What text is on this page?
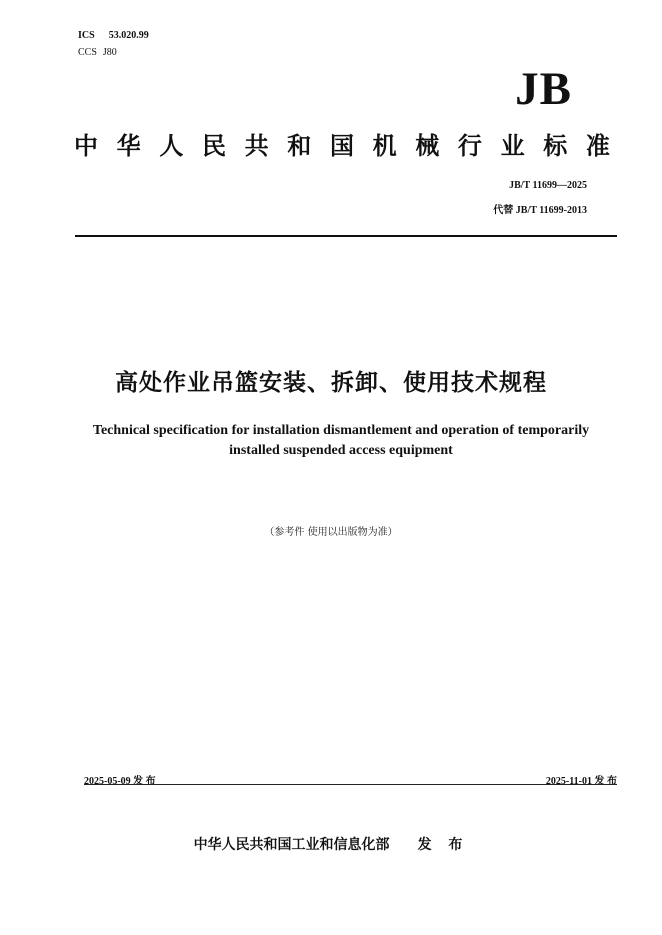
ICS 53.020.99
CCS J80
JB
中 华 人 民 共 和 国 机 械 行 业 标 准
JB/T 11699—2025
代替 JB/T 11699-2013
高处作业吊篮安装、拆卸、使用技术规程
Technical specification for installation dismantlement and operation of temporarily
installed suspended access equipment
（参考件 使用以出版物为准）
2025-05-09 发 布	2025-11-01 发 布
中华人民共和国工业和信息化部 发 布
